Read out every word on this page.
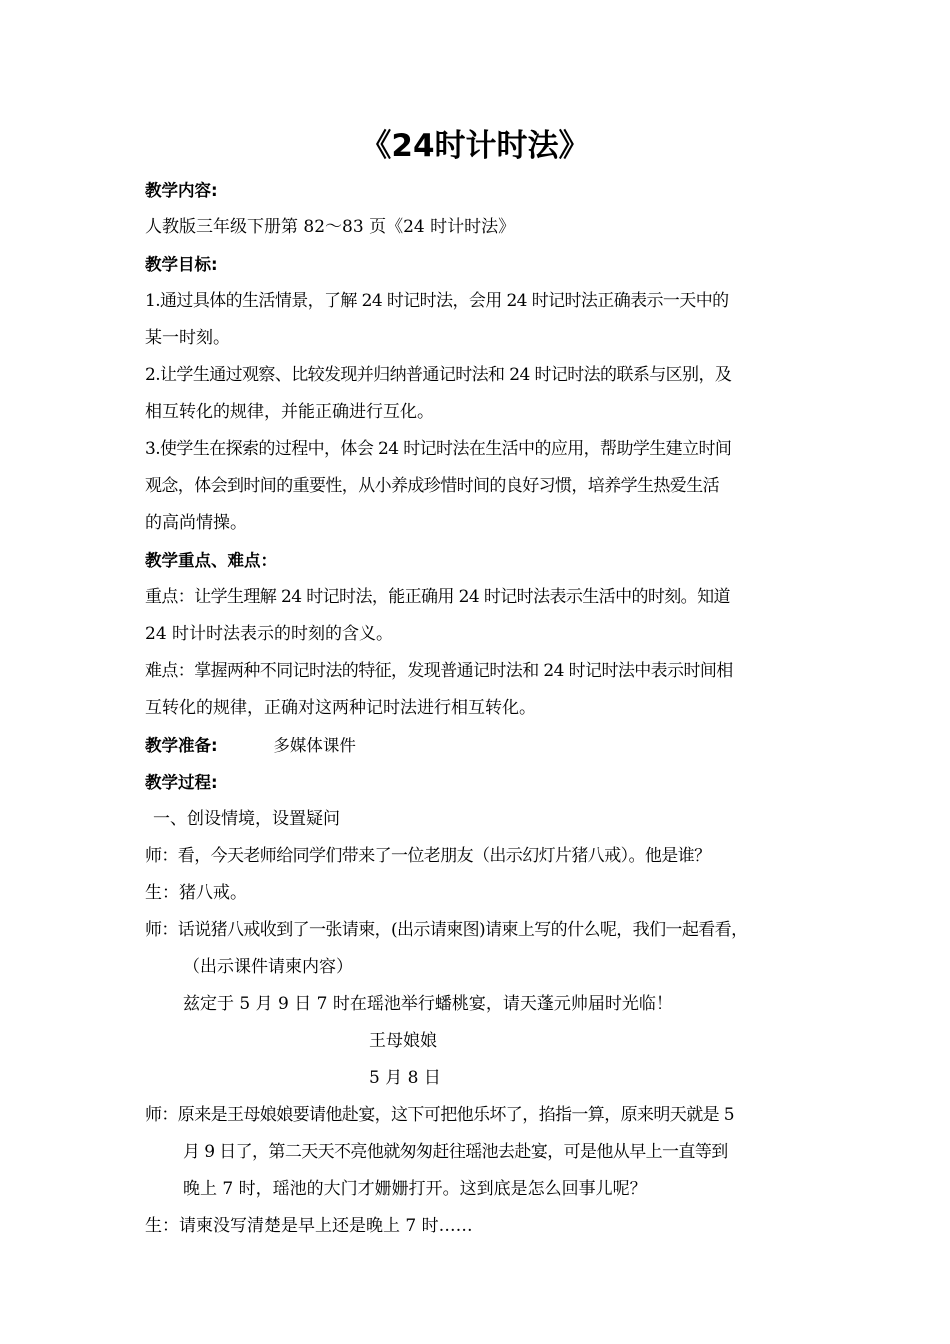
《24时计时法》
教学内容:
人教版三年级下册第 82～83 页《24 时计时法》
教学目标:
1.通过具体的生活情景，了解 24 时记时法，会用 24 时记时法正确表示一天中的
某一时刻。
2.让学生通过观察、比较发现并归纳普通记时法和 24 时记时法的联系与区别，及
相互转化的规律，并能正确进行互化。
3.使学生在探索的过程中，体会 24 时记时法在生活中的应用，帮助学生建立时间
观念，体会到时间的重要性，从小养成珍惜时间的良好习惯，培养学生热爱生活
的高尚情操。
教学重点、难点：
重点：让学生理解 24 时记时法，能正确用 24 时记时法表示生活中的时刻。知道
24 时计时法表示的时刻的含义。
难点：掌握两种不同记时法的特征，发现普通记时法和 24 时记时法中表示时间相
互转化的规律，正确对这两种记时法进行相互转化。
教学准备:	多媒体课件
教学过程:
一、创设情境，设置疑问
师：看，今天老师给同学们带来了一位老朋友（出示幻灯片猪八戒）。他是谁？
生：猪八戒。
师：话说猪八戒收到了一张请柬，(出示请柬图)请柬上写的什么呢，我们一起看看，
（出示课件请柬内容）
兹定于 5 月 9 日 7 时在瑶池举行蟠桃宴，请天蓬元帅届时光临！
王母娘娘
5 月 8 日
师：原来是王母娘娘要请他赴宴，这下可把他乐坏了，掐指一算，原来明天就是 5
月 9 日了，第二天天不亮他就匆匆赶往瑶池去赴宴，可是他从早上一直等到
晚上 7 时，瑶池的大门才姗姗打开。这到底是怎么回事儿呢？
生：请柬没写清楚是早上还是晚上 7 时……
